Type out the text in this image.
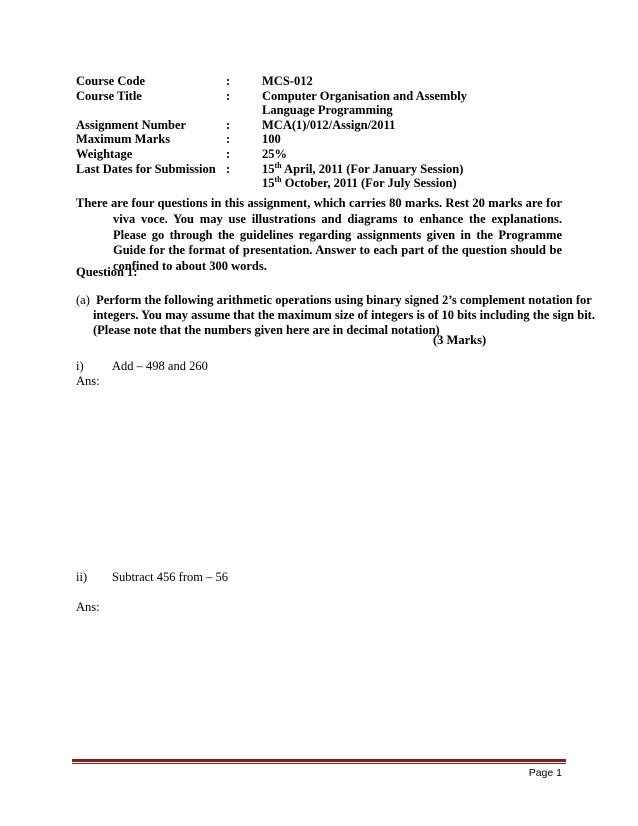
Course Code	:	MCS-012
Course Title	:	Computer Organisation and Assembly
Language Programming
Assignment Number	:	MCA(1)/012/Assign/2011
Maximum Marks	:	100
Weightage	:	25%
Last Dates for Submission :	15th April, 2011 (For January Session)
15th October, 2011 (For July Session)
There are four questions in this assignment, which carries 80 marks. Rest 20 marks are for viva voce. You may use illustrations and diagrams to enhance the explanations. Please go through the guidelines regarding assignments given in the Programme Guide for the format of presentation. Answer to each part of the question should be confined to about 300 words.
Question 1:
(a) Perform the following arithmetic operations using binary signed 2’s complement notation for
integers. You may assume that the maximum size of integers is of 10 bits including the sign bit.
(Please note that the numbers given here are in decimal notation)
(3 Marks)
i) Add – 498 and 260
Ans:
ii) Subtract 456 from – 56
Ans:
Page 1
